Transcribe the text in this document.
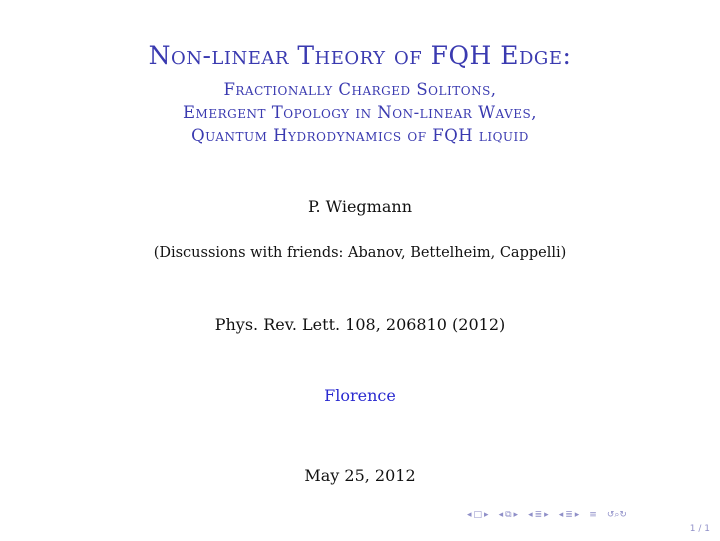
Non-linear Theory of FQH Edge:
Fractionally Charged Solitons,
Emergent Topology in Non-linear Waves,
Quantum Hydrodynamics of FQH liquid
P. Wiegmann
(Discussions with friends: Abanov, Bettelheim, Cappelli)
Phys. Rev. Lett. 108, 206810 (2012)
Florence
May 25, 2012
◂ □ ▸ ◂ ⧉ ▸ ◂ ≣ ▸ ◂ ≣ ▸ ≡ ↺⌕↻
1 / 1
